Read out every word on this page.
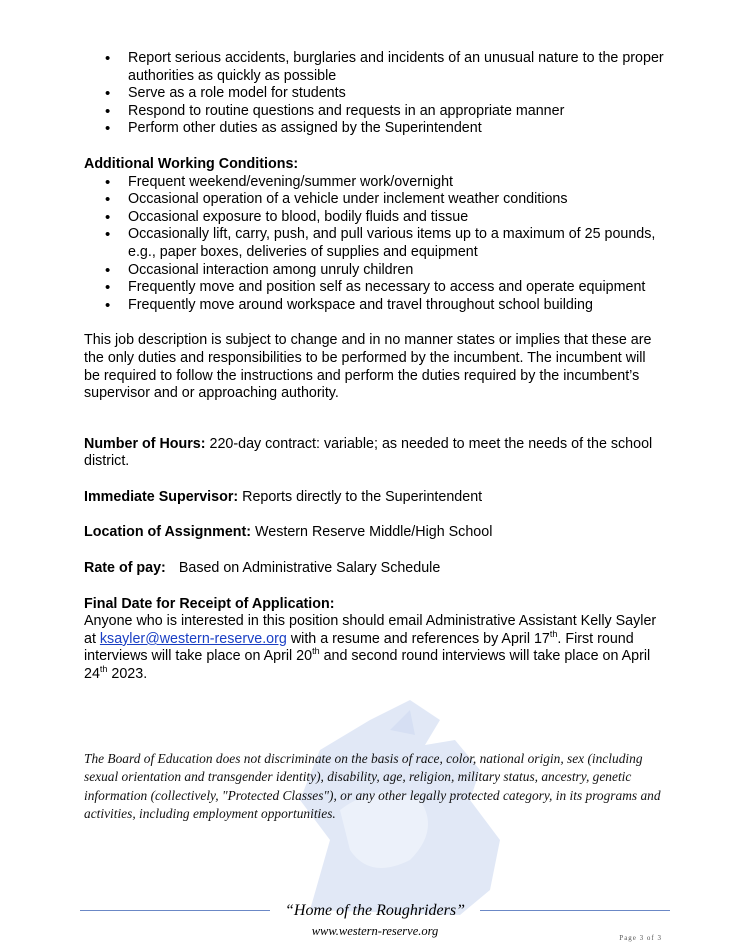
• Report serious accidents, burglaries and incidents of an unusual nature to the proper authorities as quickly as possible
• Serve as a role model for students
• Respond to routine questions and requests in an appropriate manner
• Perform other duties as assigned by the Superintendent
Additional Working Conditions:
• Frequent weekend/evening/summer work/overnight
• Occasional operation of a vehicle under inclement weather conditions
• Occasional exposure to blood, bodily fluids and tissue
• Occasionally lift, carry, push, and pull various items up to a maximum of 25 pounds, e.g., paper boxes, deliveries of supplies and equipment
• Occasional interaction among unruly children
• Frequently move and position self as necessary to access and operate equipment
• Frequently move around workspace and travel throughout school building
This job description is subject to change and in no manner states or implies that these are the only duties and responsibilities to be performed by the incumbent. The incumbent will be required to follow the instructions and perform the duties required by the incumbent’s supervisor and or approaching authority.
Number of Hours: 220-day contract: variable; as needed to meet the needs of the school district.
Immediate Supervisor: Reports directly to the Superintendent
Location of Assignment: Western Reserve Middle/High School
Rate of pay: Based on Administrative Salary Schedule
Final Date for Receipt of Application:
Anyone who is interested in this position should email Administrative Assistant Kelly Sayler at ksayler@western-reserve.org with a resume and references by April 17th. First round interviews will take place on April 20th and second round interviews will take place on April 24th 2023.
The Board of Education does not discriminate on the basis of race, color, national origin, sex (including sexual orientation and transgender identity), disability, age, religion, military status, ancestry, genetic information (collectively, "Protected Classes"), or any other legally protected category, in its programs and activities, including employment opportunities.
“Home of the Roughriders”
www.western-reserve.org	Page 3 of 3
